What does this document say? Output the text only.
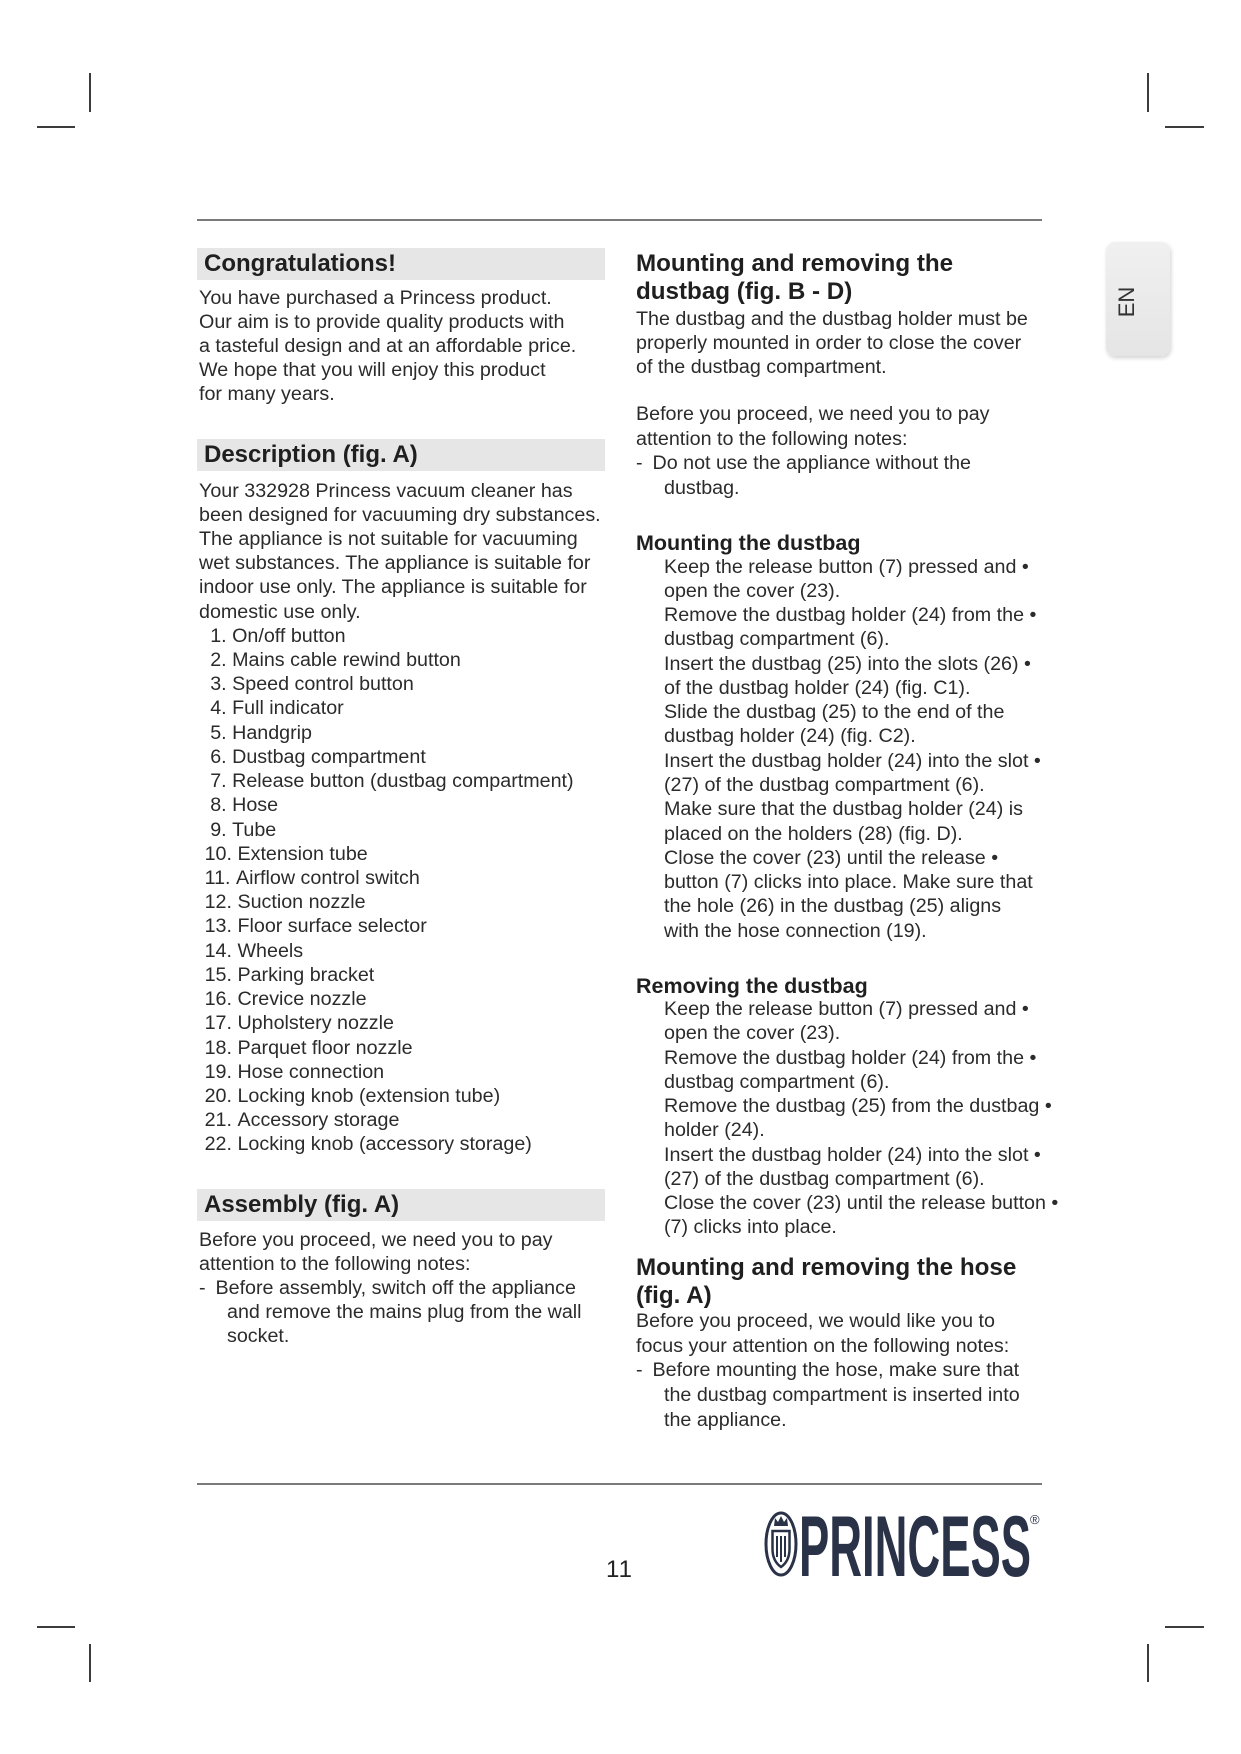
EN
Congratulations!
You have purchased a Princess product.
Our aim is to provide quality products with
a tasteful design and at an affordable price.
We hope that you will enjoy this product
for many years.
Description (fig. A)
Your 332928 Princess vacuum cleaner has
been designed for vacuuming dry substances.
The appliance is not suitable for vacuuming
wet substances. The appliance is suitable for
indoor use only. The appliance is suitable for
domestic use only.
1. On/off button
2. Mains cable rewind button
3. Speed control button
4. Full indicator
5. Handgrip
6. Dustbag compartment
7. Release button (dustbag compartment)
8. Hose
9. Tube
10. Extension tube
11. Airflow control switch
12. Suction nozzle
13. Floor surface selector
14. Wheels
15. Parking bracket
16. Crevice nozzle
17. Upholstery nozzle
18. Parquet floor nozzle
19. Hose connection
20. Locking knob (extension tube)
21. Accessory storage
22. Locking knob (accessory storage)
Assembly (fig. A)
Before you proceed, we need you to pay
attention to the following notes:
- Before assembly, switch off the appliance
and remove the mains plug from the wall
socket.
Mounting and removing the
dustbag (fig. B - D)
The dustbag and the dustbag holder must be
properly mounted in order to close the cover
of the dustbag compartment.
Before you proceed, we need you to pay
attention to the following notes:
- Do not use the appliance without the
dustbag.
Mounting the dustbag
Keep the release button (7) pressed and •
open the cover (23).
Remove the dustbag holder (24) from the •
dustbag compartment (6).
Insert the dustbag (25) into the slots (26) •
of the dustbag holder (24) (fig. C1).
Slide the dustbag (25) to the end of the
dustbag holder (24) (fig. C2).
Insert the dustbag holder (24) into the slot •
(27) of the dustbag compartment (6).
Make sure that the dustbag holder (24) is
placed on the holders (28) (fig. D).
Close the cover (23) until the release •
button (7) clicks into place. Make sure that
the hole (26) in the dustbag (25) aligns
with the hose connection (19).
Removing the dustbag
Keep the release button (7) pressed and •
open the cover (23).
Remove the dustbag holder (24) from the •
dustbag compartment (6).
Remove the dustbag (25) from the dustbag •
holder (24).
Insert the dustbag holder (24) into the slot •
(27) of the dustbag compartment (6).
Close the cover (23) until the release button •
(7) clicks into place.
Mounting and removing the hose
(fig. A)
Before you proceed, we would like you to
focus your attention on the following notes:
- Before mounting the hose, make sure that
the dustbag compartment is inserted into
the appliance.
11 PRINCESS ®
